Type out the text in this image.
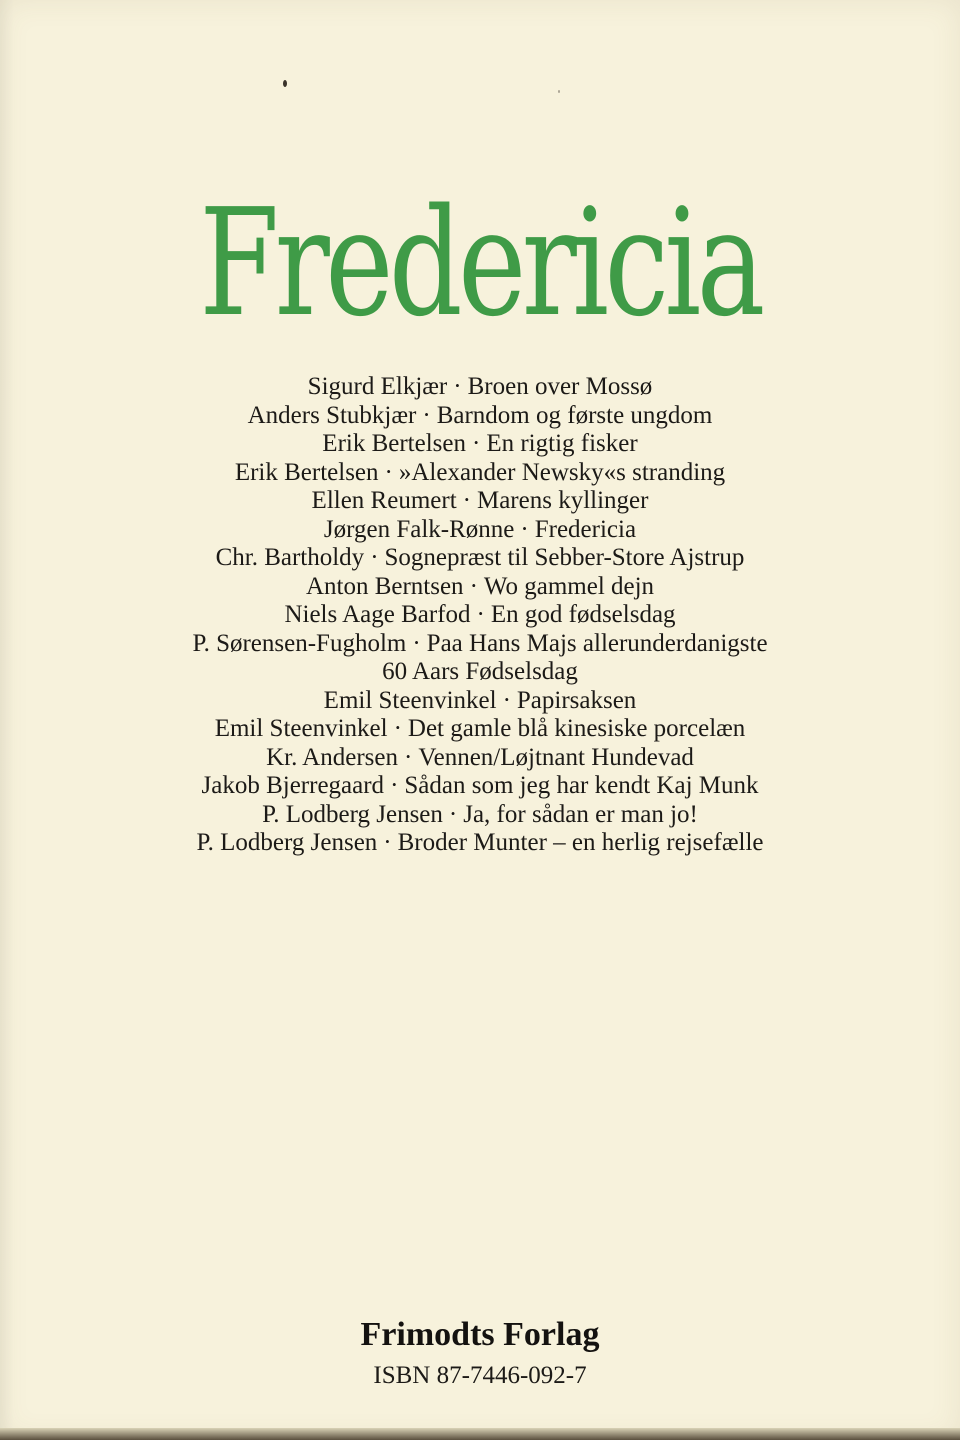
Fredericia

Sigurd Elkjær · Broen over Mossø

Anders Stubkjær · Barndom og første ungdom

Erik Bertelsen · En rigtig fisker

Erik Bertelsen · »Alexander Newsky«s stranding

Ellen Reumert · Marens kyllinger

Jørgen Falk-Rønne · Fredericia

Chr. Bartholdy · Sognepræst til Sebber-Store Ajstrup

Anton Berntsen · Wo gammel dejn

Niels Aage Barfod · En god fødselsdag

P. Sørensen-Fugholm · Paa Hans Majs allerunderdanigste

60 Aars Fødselsdag

Emil Steenvinkel · Papirsaksen

Emil Steenvinkel · Det gamle blå kinesiske porcelæn

Kr. Andersen · Vennen/Løjtnant Hundevad

Jakob Bjerregaard · Sådan som jeg har kendt Kaj Munk

P. Lodberg Jensen · Ja, for sådan er man jo!

P. Lodberg Jensen · Broder Munter – en herlig rejsefælle

Frimodts Forlag
ISBN 87-7446-092-7
